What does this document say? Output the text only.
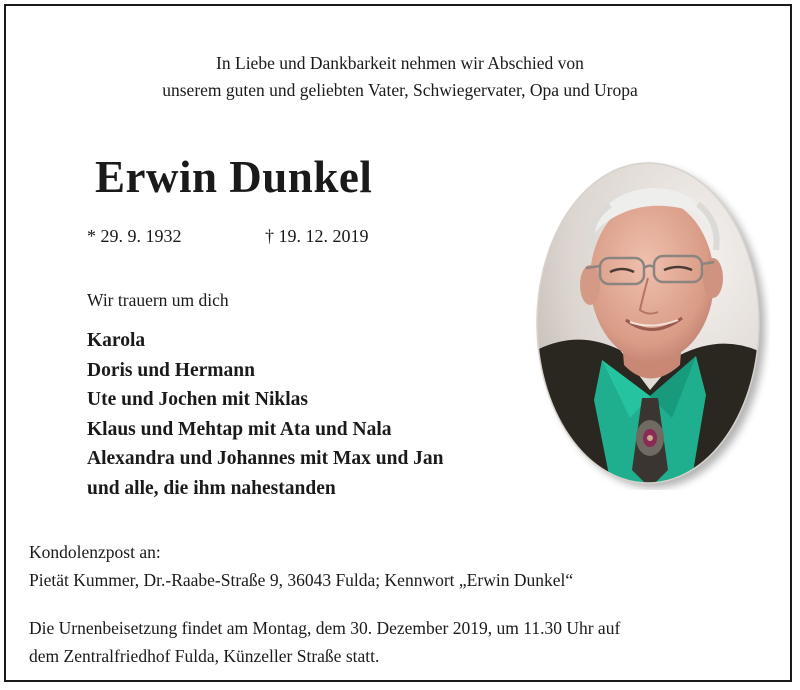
In Liebe und Dankbarkeit nehmen wir Abschied von
unserem guten und geliebten Vater, Schwiegervater, Opa und Uropa
Erwin Dunkel
* 29. 9. 1932	† 19. 12. 2019
Wir trauern um dich
Karola
Doris und Hermann
Ute und Jochen mit Niklas
Klaus und Mehtap mit Ata und Nala
Alexandra und Johannes mit Max und Jan
und alle, die ihm nahestanden
Kondolenzpost an:
Pietät Kummer, Dr.-Raabe-Straße 9, 36043 Fulda; Kennwort „Erwin Dunkel“
Die Urnenbeisetzung findet am Montag, dem 30. Dezember 2019, um 11.30 Uhr auf
dem Zentralfriedhof Fulda, Künzeller Straße statt.
